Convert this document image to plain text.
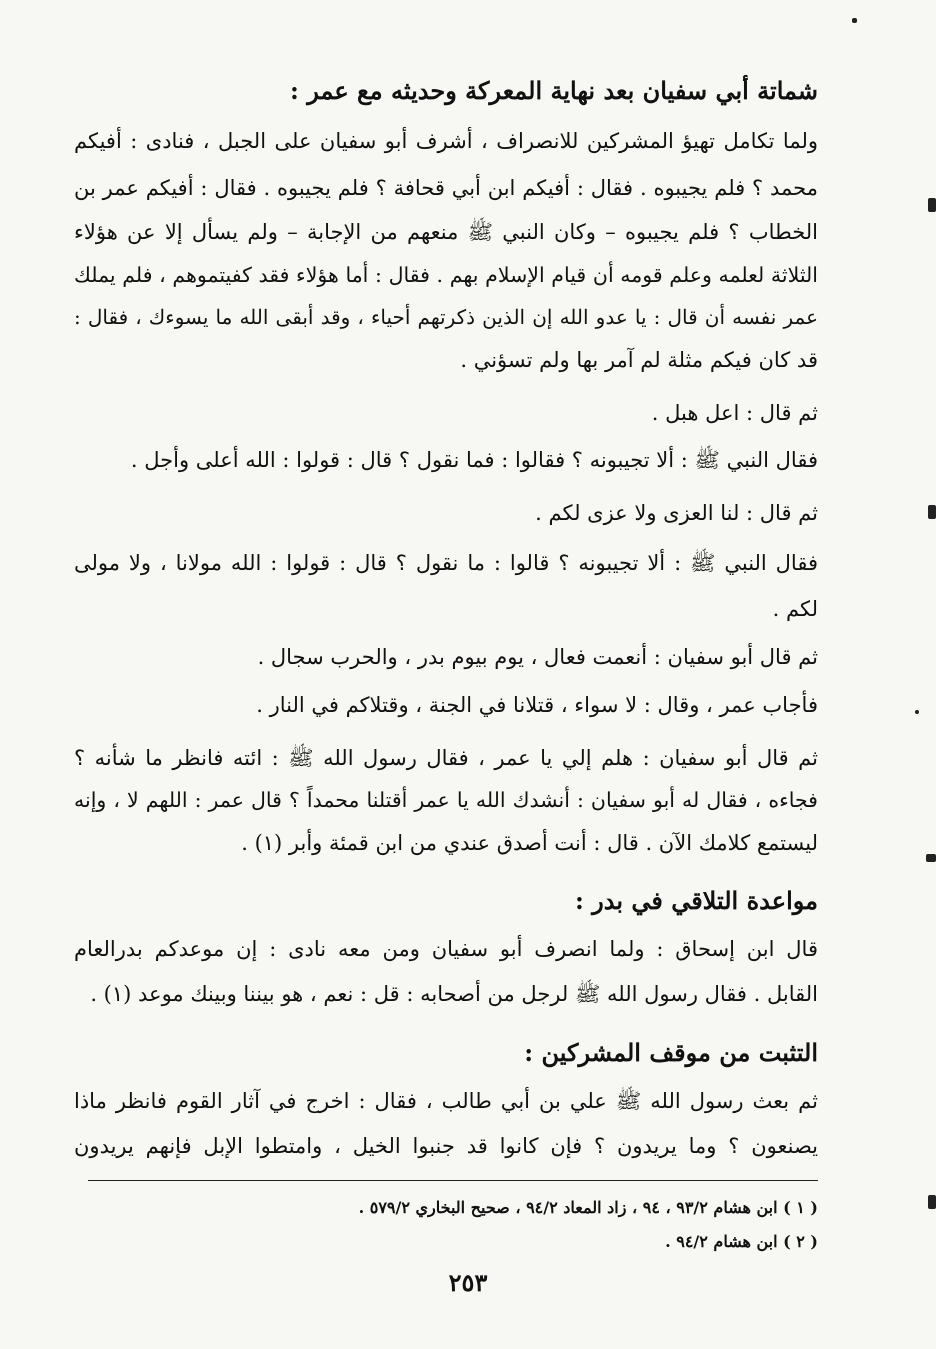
شماتة أبي سفيان بعد نهاية المعركة وحديثه مع عمر :
ولما تكامل تهيؤ المشركين للانصراف ، أشرف أبو سفيان على الجبل ، فنادى : أفيكم
محمد ؟ فلم يجيبوه . فقال : أفيكم ابن أبي قحافة ؟ فلم يجيبوه . فقال : أفيكم عمر بن
الخطاب ؟ فلم يجيبوه – وكان النبي ﷺ منعهم من الإجابة – ولم يسأل إلا عن هؤلاء
الثلاثة لعلمه وعلم قومه أن قيام الإسلام بهم . فقال : أما هؤلاء فقد كفيتموهم ، فلم يملك
عمر نفسه أن قال : يا عدو الله إن الذين ذكرتهم أحياء ، وقد أبقى الله ما يسوءك ، فقال :
قد كان فيكم مثلة لم آمر بها ولم تسؤني .
ثم قال : اعل هبل .
فقال النبي ﷺ : ألا تجيبونه ؟ فقالوا : فما نقول ؟ قال : قولوا : الله أعلى وأجل .
ثم قال : لنا العزى ولا عزى لكم .
فقال النبي ﷺ : ألا تجيبونه ؟ قالوا : ما نقول ؟ قال : قولوا : الله مولانا ، ولا مولى
لكم .
ثم قال أبو سفيان : أنعمت فعال ، يوم بيوم بدر ، والحرب سجال .
فأجاب عمر ، وقال : لا سواء ، قتلانا في الجنة ، وقتلاكم في النار .
ثم قال أبو سفيان : هلم إلي يا عمر ، فقال رسول الله ﷺ : ائته فانظر ما شأنه ؟
فجاءه ، فقال له أبو سفيان : أنشدك الله يا عمر أقتلنا محمداً ؟ قال عمر : اللهم لا ، وإنه
ليستمع كلامك الآن . قال : أنت أصدق عندي من ابن قمئة وأبر (١) .
مواعدة التلاقي في بدر :
قال ابن إسحاق : ولما انصرف أبو سفيان ومن معه نادى : إن موعدكم بدرالعام
القابل . فقال رسول الله ﷺ لرجل من أصحابه : قل : نعم ، هو بيننا وبينك موعد (١) .
التثبت من موقف المشركين :
ثم بعث رسول الله ﷺ علي بن أبي طالب ، فقال : اخرج في آثار القوم فانظر ماذا
يصنعون ؟ وما يريدون ؟ فإن كانوا قد جنبوا الخيل ، وامتطوا الإبل فإنهم يريدون
( ١ ) ابن هشام ٩٣/٢ ، ٩٤ ، زاد المعاد ٩٤/٢ ، صحيح البخاري ٥٧٩/٢ .
( ٢ ) ابن هشام ٩٤/٢ .
٢٥٣
